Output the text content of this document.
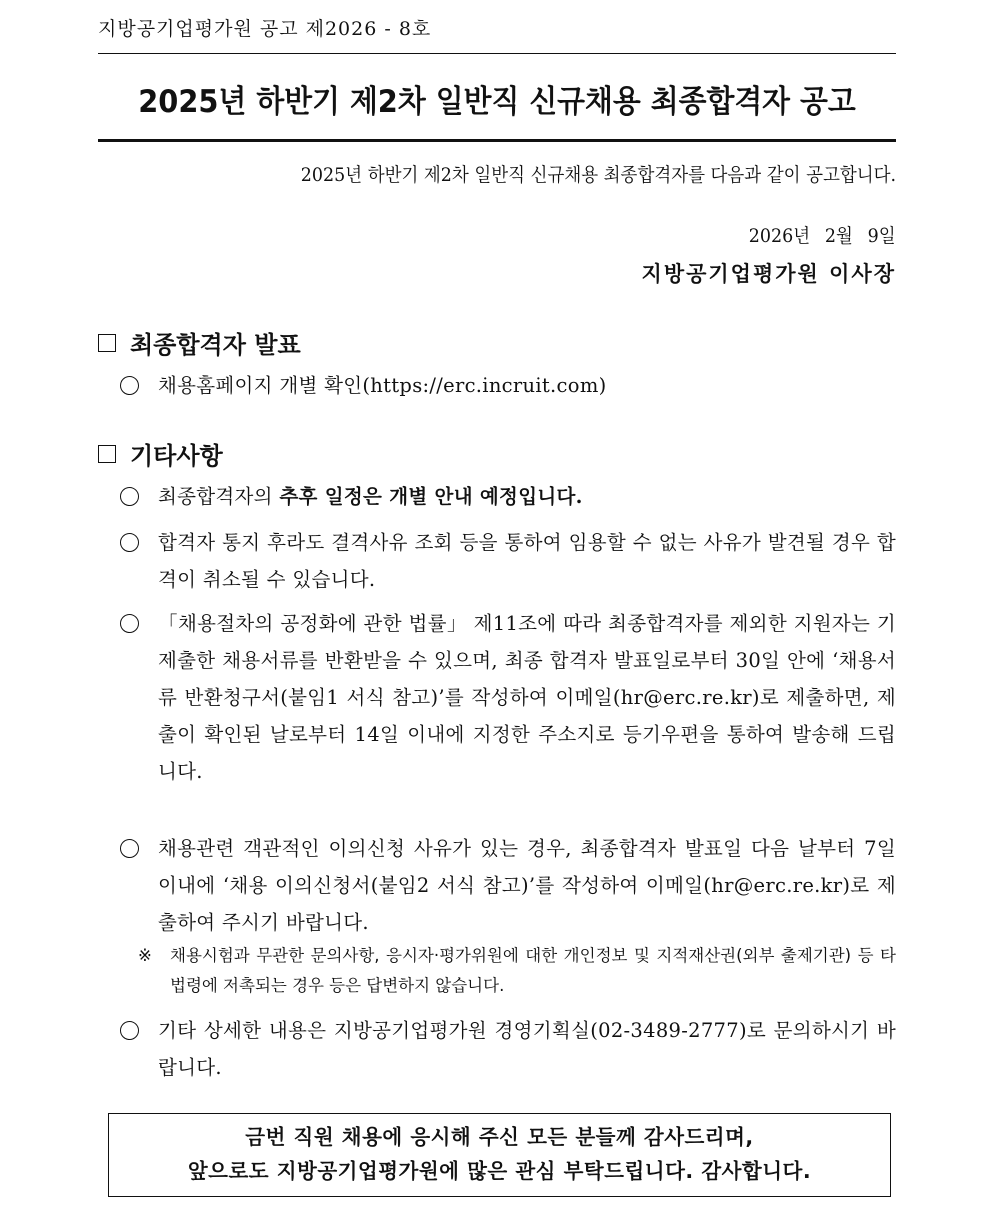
지방공기업평가원 공고 제2026 - 8호
2025년 하반기 제2차 일반직 신규채용 최종합격자 공고
2025년 하반기 제2차 일반직 신규채용 최종합격자를 다음과 같이 공고합니다.
2026년 2월 9일
지방공기업평가원 이사장
최종합격자 발표
채용홈페이지 개별 확인(https://erc.incruit.com)
기타사항
최종합격자의 추후 일정은 개별 안내 예정입니다.
합격자 통지 후라도 결격사유 조회 등을 통하여 임용할 수 없는 사유가 발견될 경우 합격이 취소될 수 있습니다.
「채용절차의 공정화에 관한 법률」 제11조에 따라 최종합격자를 제외한 지원자는 기 제출한 채용서류를 반환받을 수 있으며, 최종 합격자 발표일로부터 30일 안에 ‘채용서류 반환청구서(붙임1 서식 참고)’를 작성하여 이메일(hr@erc.re.kr)로 제출하면, 제출이 확인된 날로부터 14일 이내에 지정한 주소지로 등기우편을 통하여 발송해 드립니다.
채용관련 객관적인 이의신청 사유가 있는 경우, 최종합격자 발표일 다음 날부터 7일 이내에 ‘채용 이의신청서(붙임2 서식 참고)’를 작성하여 이메일(hr@erc.re.kr)로 제출하여 주시기 바랍니다.
※ 채용시험과 무관한 문의사항, 응시자·평가위원에 대한 개인정보 및 지적재산권(외부 출제기관) 등 타 법령에 저촉되는 경우 등은 답변하지 않습니다.
기타 상세한 내용은 지방공기업평가원 경영기획실(02-3489-2777)로 문의하시기 바랍니다.
금번 직원 채용에 응시해 주신 모든 분들께 감사드리며,
앞으로도 지방공기업평가원에 많은 관심 부탁드립니다. 감사합니다.
